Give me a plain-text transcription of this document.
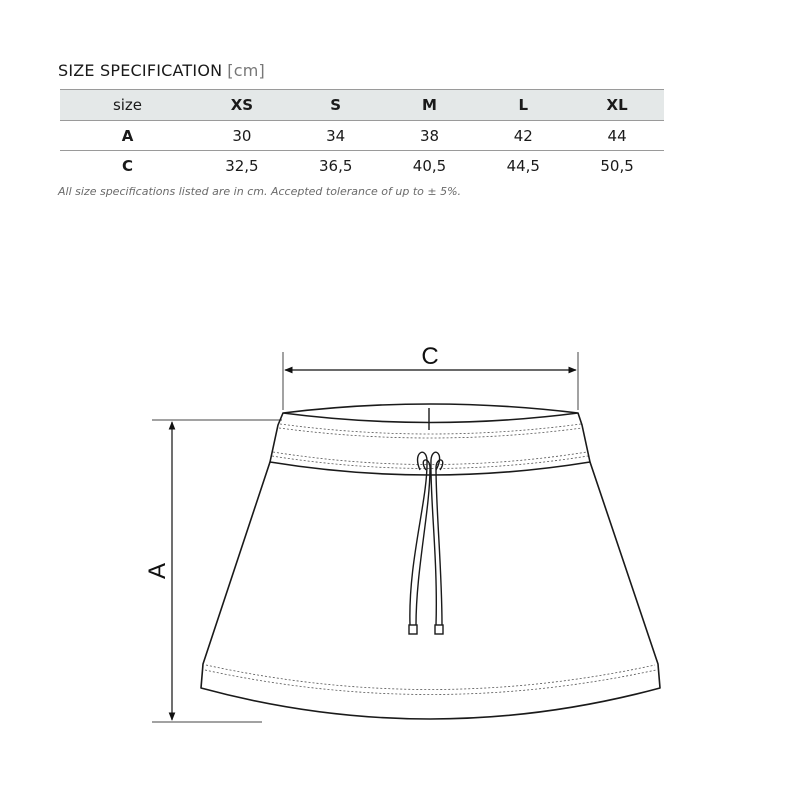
SIZE SPECIFICATION [cm]
size	XS	S	M	L	XL
A	30	34	38	42	44
C	32,5	36,5	40,5	44,5	50,5
All size specifications listed are in cm. Accepted tolerance of up to ± 5%.
C
A
